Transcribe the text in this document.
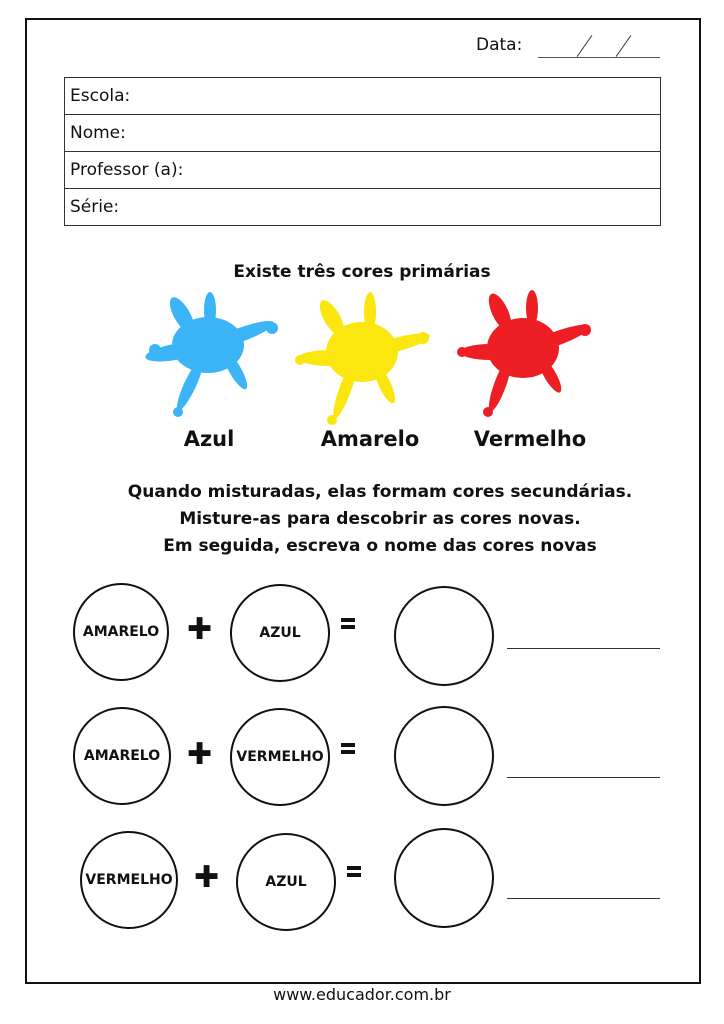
Data:
Escola:
Nome:
Professor (a):
Série:
Existe três cores primárias
Azul	Amarelo	Vermelho
Quando misturadas, elas formam cores secundárias.
Misture-as para descobrir as cores novas.
Em seguida, escreva o nome das cores novas
AMARELO ✚	AZUL
AMARELO ✚	VERMELHO
VERMELHO ✚	AZUL
www.educador.com.br
